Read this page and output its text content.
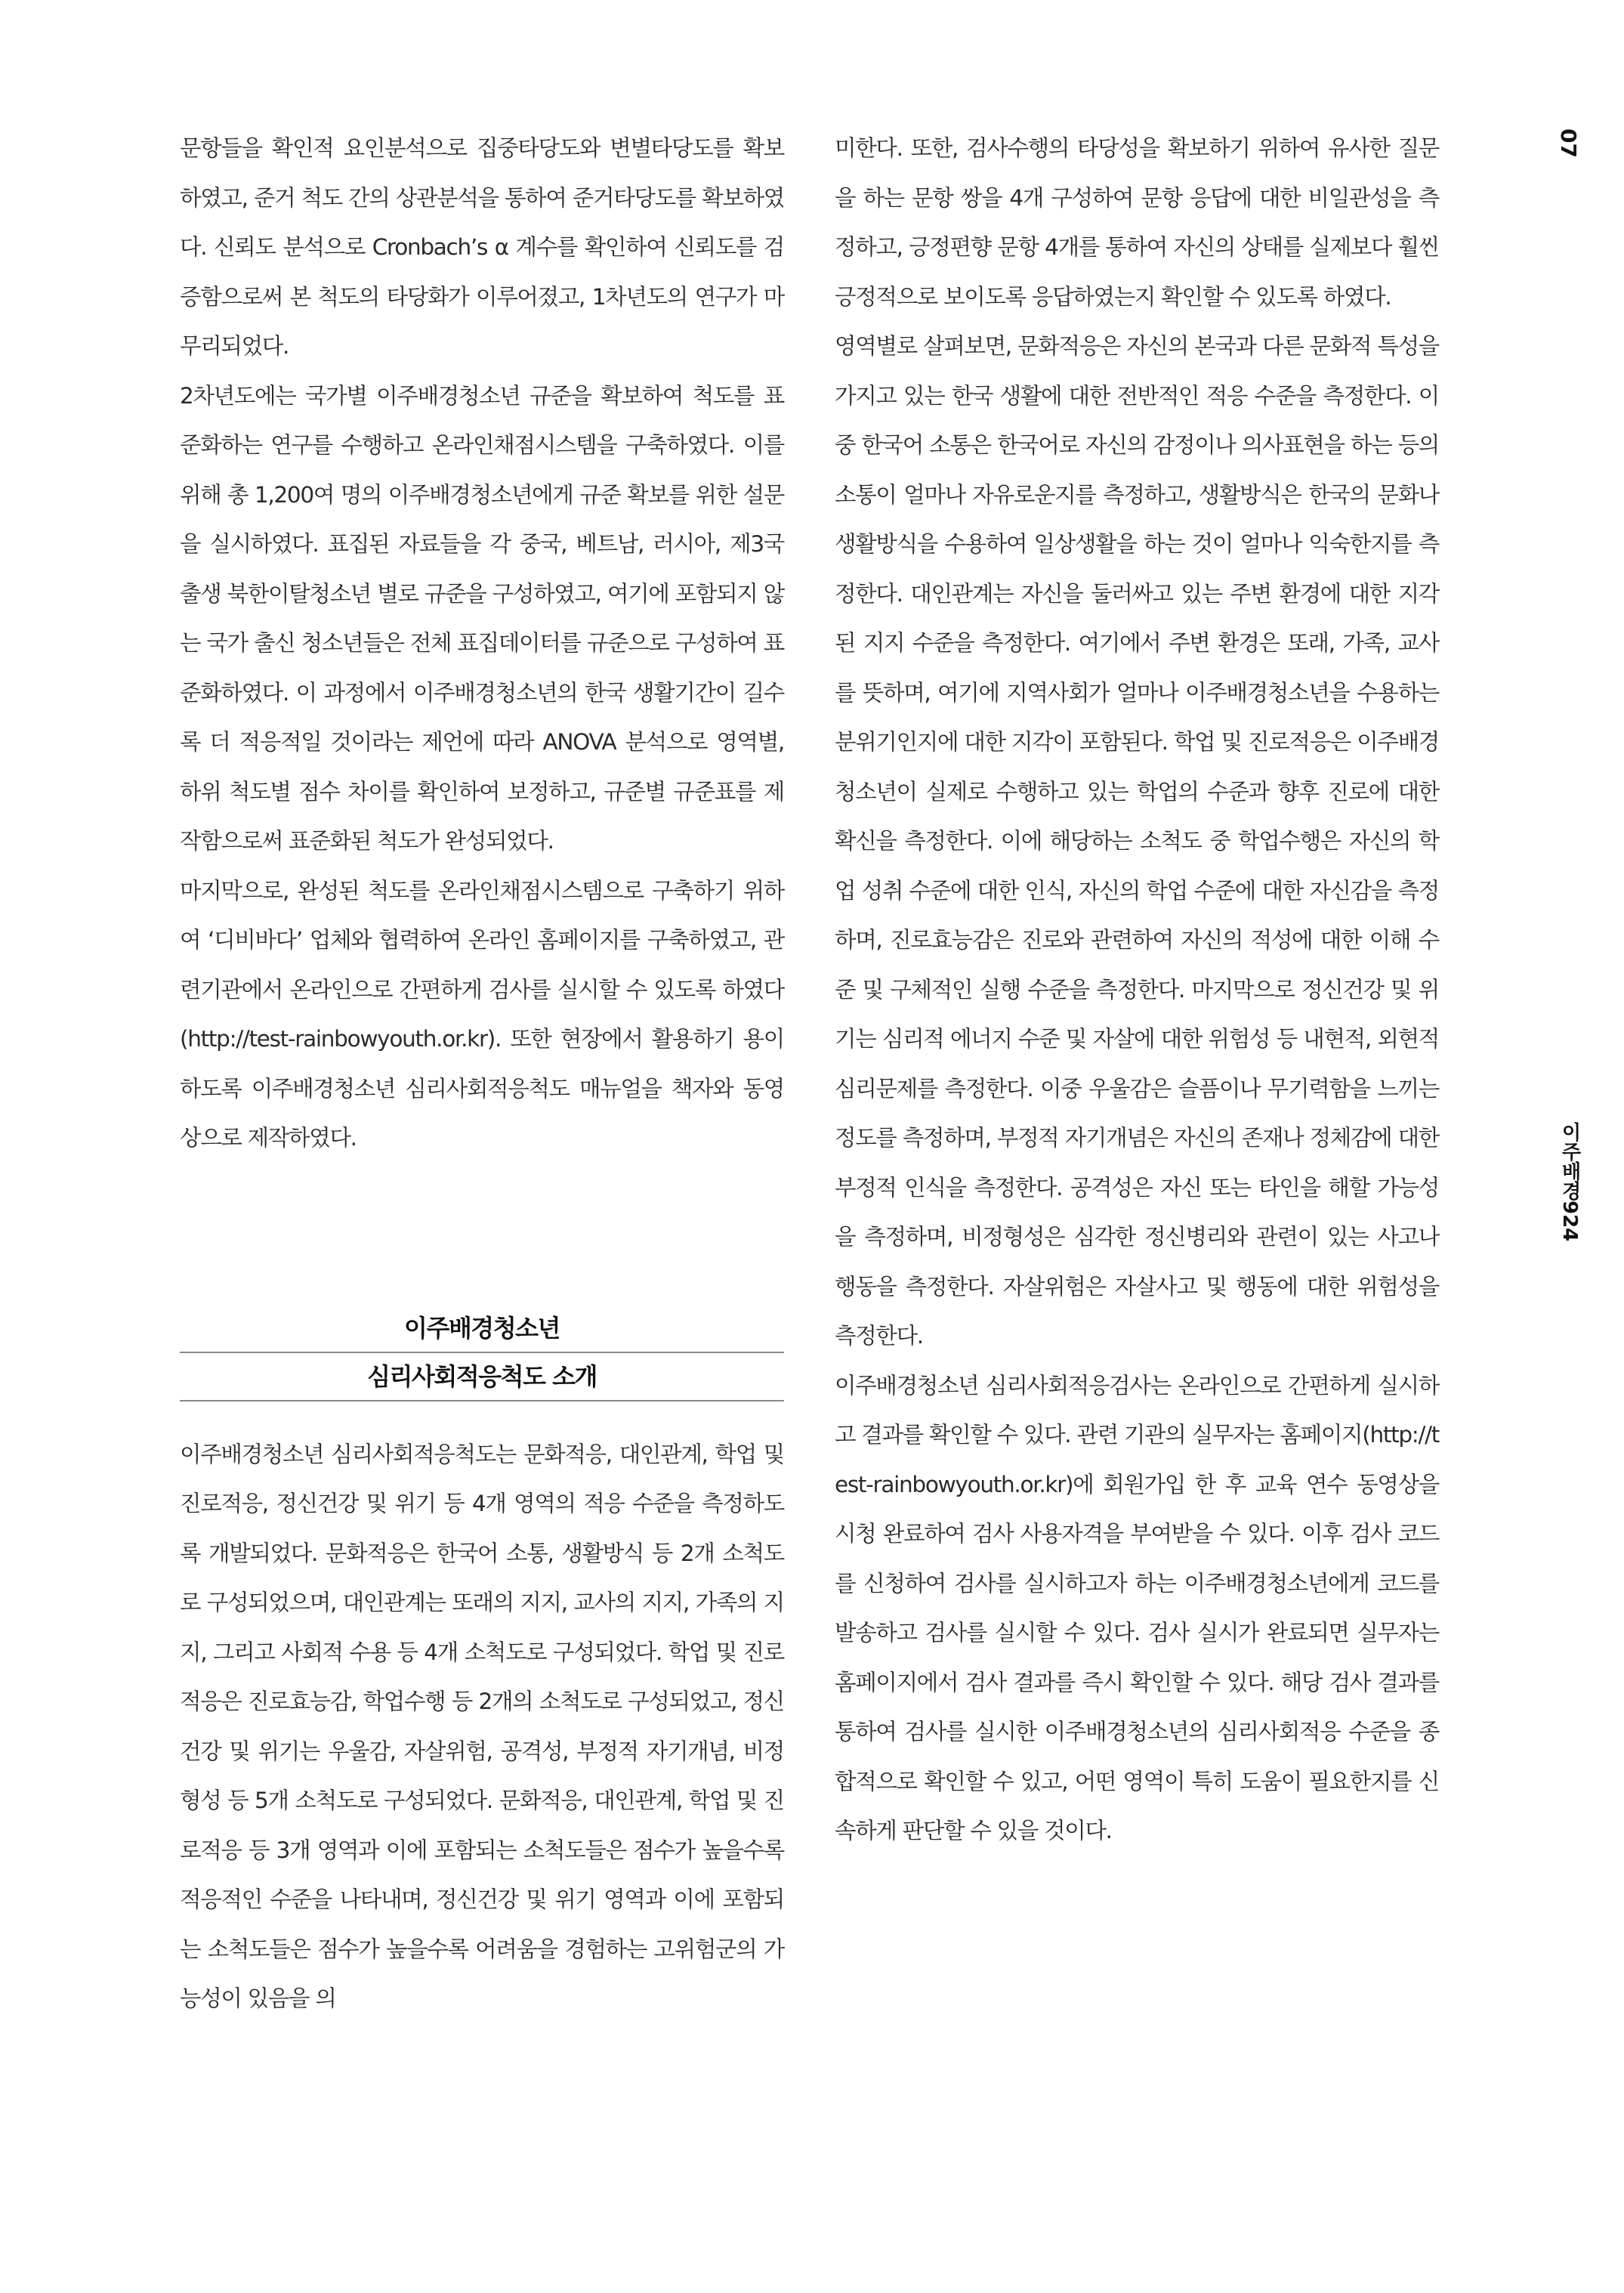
문항들을 확인적 요인분석으로 집중타당도와 변별타당도를 확보하였고, 준거 척도 간의 상관분석을 통하여 준거타당도를 확보하였다. 신뢰도 분석으로 Cronbach’s α 계수를 확인하여 신뢰도를 검증함으로써 본 척도의 타당화가 이루어졌고, 1차년도의 연구가 마무리되었다.

2차년도에는 국가별 이주배경청소년 규준을 확보하여 척도를 표준화하는 연구를 수행하고 온라인채점시스템을 구축하였다. 이를 위해 총 1,200여 명의 이주배경청소년에게 규준 확보를 위한 설문을 실시하였다. 표집된 자료들을 각 중국, 베트남, 러시아, 제3국 출생 북한이탈청소년 별로 규준을 구성하였고, 여기에 포함되지 않는 국가 출신 청소년들은 전체 표집데이터를 규준으로 구성하여 표준화하였다. 이 과정에서 이주배경청소년의 한국 생활기간이 길수록 더 적응적일 것이라는 제언에 따라 ANOVA 분석으로 영역별, 하위 척도별 점수 차이를 확인하여 보정하고, 규준별 규준표를 제작함으로써 표준화된 척도가 완성되었다.

마지막으로, 완성된 척도를 온라인채점시스템으로 구축하기 위하여 ‘디비바다’ 업체와 협력하여 온라인 홈페이지를 구축하였고, 관련기관에서 온라인으로 간편하게 검사를 실시할 수 있도록 하였다(http://test-rainbowyouth.or.kr). 또한 현장에서 활용하기 용이하도록 이주배경청소년 심리사회적응척도 매뉴얼을 책자와 동영상으로 제작하였다.

이주배경청소년
심리사회적응척도 소개

이주배경청소년 심리사회적응척도는 문화적응, 대인관계, 학업 및 진로적응, 정신건강 및 위기 등 4개 영역의 적응 수준을 측정하도록 개발되었다. 문화적응은 한국어 소통, 생활방식 등 2개 소척도로 구성되었으며, 대인관계는 또래의 지지, 교사의 지지, 가족의 지지, 그리고 사회적 수용 등 4개 소척도로 구성되었다. 학업 및 진로적응은 진로효능감, 학업수행 등 2개의 소척도로 구성되었고, 정신건강 및 위기는 우울감, 자살위험, 공격성, 부정적 자기개념, 비정형성 등 5개 소척도로 구성되었다. 문화적응, 대인관계, 학업 및 진로적응 등 3개 영역과 이에 포함되는 소척도들은 점수가 높을수록 적응적인 수준을 나타내며, 정신건강 및 위기 영역과 이에 포함되는 소척도들은 점수가 높을수록 어려움을 경험하는 고위험군의 가능성이 있음을 의

미한다. 또한, 검사수행의 타당성을 확보하기 위하여 유사한 질문을 하는 문항 쌍을 4개 구성하여 문항 응답에 대한 비일관성을 측정하고, 긍정편향 문항 4개를 통하여 자신의 상태를 실제보다 훨씬 긍정적으로 보이도록 응답하였는지 확인할 수 있도록 하였다.

영역별로 살펴보면, 문화적응은 자신의 본국과 다른 문화적 특성을 가지고 있는 한국 생활에 대한 전반적인 적응 수준을 측정한다. 이중 한국어 소통은 한국어로 자신의 감정이나 의사표현을 하는 등의 소통이 얼마나 자유로운지를 측정하고, 생활방식은 한국의 문화나 생활방식을 수용하여 일상생활을 하는 것이 얼마나 익숙한지를 측정한다. 대인관계는 자신을 둘러싸고 있는 주변 환경에 대한 지각된 지지 수준을 측정한다. 여기에서 주변 환경은 또래, 가족, 교사를 뜻하며, 여기에 지역사회가 얼마나 이주배경청소년을 수용하는 분위기인지에 대한 지각이 포함된다. 학업 및 진로적응은 이주배경청소년이 실제로 수행하고 있는 학업의 수준과 향후 진로에 대한 확신을 측정한다. 이에 해당하는 소척도 중 학업수행은 자신의 학업 성취 수준에 대한 인식, 자신의 학업 수준에 대한 자신감을 측정하며, 진로효능감은 진로와 관련하여 자신의 적성에 대한 이해 수준 및 구체적인 실행 수준을 측정한다. 마지막으로 정신건강 및 위기는 심리적 에너지 수준 및 자살에 대한 위험성 등 내현적, 외현적 심리문제를 측정한다. 이중 우울감은 슬픔이나 무기력함을 느끼는 정도를 측정하며, 부정적 자기개념은 자신의 존재나 정체감에 대한 부정적 인식을 측정한다. 공격성은 자신 또는 타인을 해할 가능성을 측정하며, 비정형성은 심각한 정신병리와 관련이 있는 사고나 행동을 측정한다. 자살위험은 자살사고 및 행동에 대한 위험성을 측정한다.

이주배경청소년 심리사회적응검사는 온라인으로 간편하게 실시하고 결과를 확인할 수 있다. 관련 기관의 실무자는 홈페이지(http://test-rainbowyouth.or.kr)에 회원가입 한 후 교육 연수 동영상을 시청 완료하여 검사 사용자격을 부여받을 수 있다. 이후 검사 코드를 신청하여 검사를 실시하고자 하는 이주배경청소년에게 코드를 발송하고 검사를 실시할 수 있다. 검사 실시가 완료되면 실무자는 홈페이지에서 검사 결과를 즉시 확인할 수 있다. 해당 검사 결과를 통하여 검사를 실시한 이주배경청소년의 심리사회적응 수준을 종합적으로 확인할 수 있고, 어떤 영역이 특히 도움이 필요한지를 신속하게 판단할 수 있을 것이다.

07
이주배경924
